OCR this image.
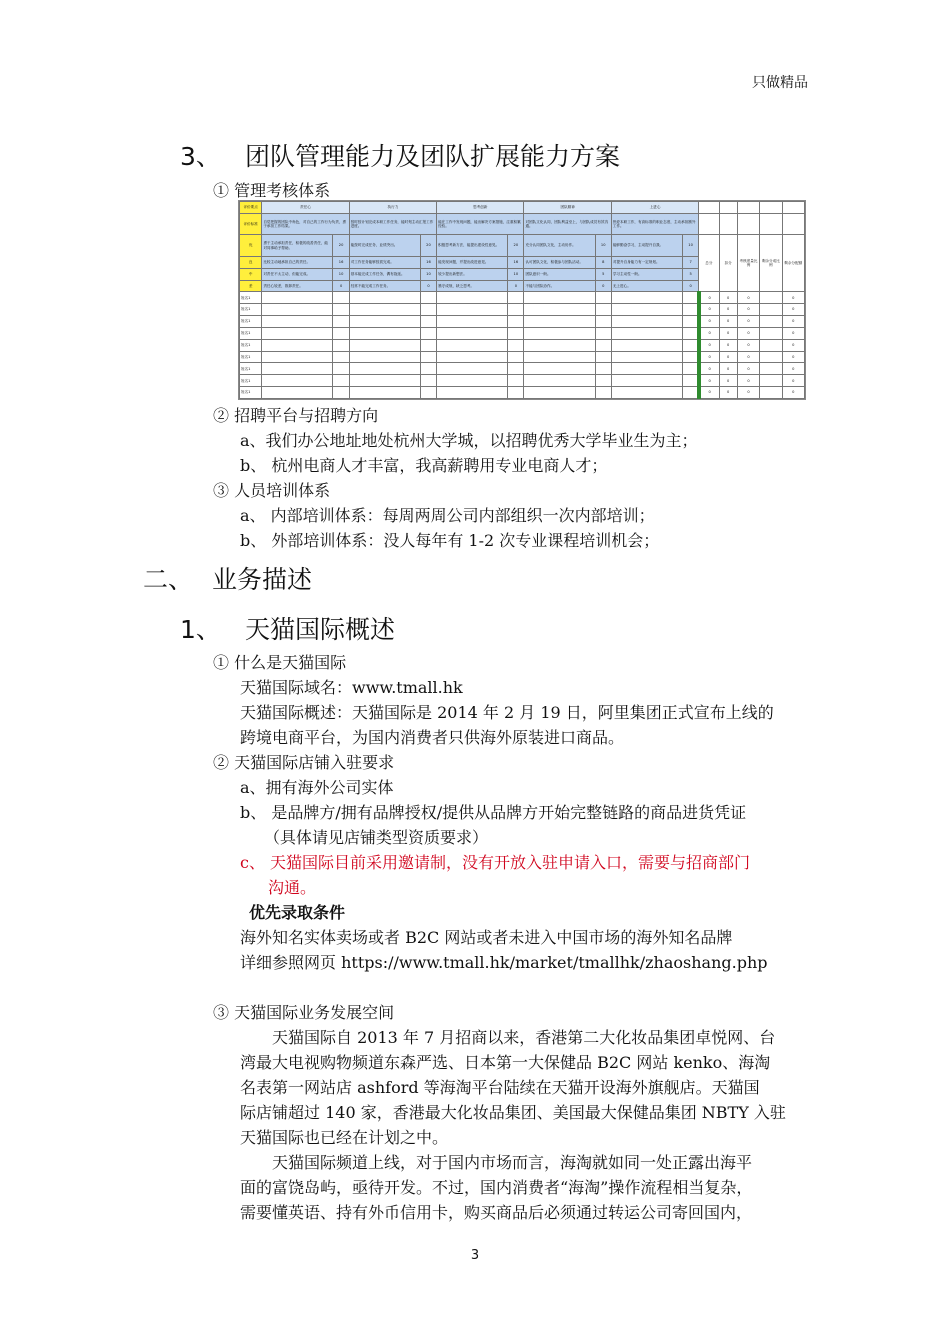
只做精品
3、 团队管理能力及团队扩展能力方案
① 管理考核体系
评价要点	责任心		执行力		思考创新		团队精神		上进心						
评价标准	自觉把握的团队中角色，对自己的工作行为负责，勇于承担工作结果。		按时按计划完成本职工作任务，能时刻主动汇报工作进度。		能在工作中发现问题，能出解决方案措施，注重积累经验。		对团队文化认同，团队利益至上，与团队成员有效沟通。		热爱本职工作，有高标准的职业态度，主动承担额外工作。						
优	勇于主动承担责任，积极的改善责任，能对同事给予帮助。	20	能按时完成任务，业绩突出。	20	积极思考新方法，能提出建设性意见。	20	充分认同团队文化，主动协作。	10	能够勤奋学习，主动提升自我。	10	总分	扣分	考核度量比例	剩余分成比例	剩余分配额
良	比较主动地承担自己的责任。	16	对工作任务能够按质完成。	16	能发现问题，并提出改进意见。	16	认可团队文化，积极参与团队活动。	8	对提升自身能力有一定规划。	7					
中	对责任不太主动，但能完成。	10	基本能完成工作任务，偶有拖延。	10	较少提出新想法。	10	团队意识一般。	5	学习主动性一般。	5					
差	责任心较差，推卸责任。	0	经常不能完成工作任务。	0	墨守成规，缺乏思考。	0	不能与团队协作。	0	无上进心。	0					
姓名1											0	0	0		0
姓名1											0	0	0		0
姓名1											0	0	0		0
姓名1											0	0	0		0
姓名1											0	0	0		0
姓名1											0	0	0		0
姓名1											0	0	0		0
姓名1											0	0	0		0
姓名1											0	0	0		0
② 招聘平台与招聘方向
a、我们办公地址地处杭州大学城，以招聘优秀大学毕业生为主；
b、 杭州电商人才丰富，我高薪聘用专业电商人才；
③ 人员培训体系
a、 内部培训体系：每周两周公司内部组织一次内部培训；
b、 外部培训体系：没人每年有 1-2 次专业课程培训机会；
二、 业务描述
1、 天猫国际概述
① 什么是天猫国际
天猫国际域名：www.tmall.hk
天猫国际概述：天猫国际是 2014 年 2 月 19 日，阿里集团正式宣布上线的
跨境电商平台，为国内消费者只供海外原装进口商品。
② 天猫国际店铺入驻要求
a、拥有海外公司实体
b、 是品牌方/拥有品牌授权/提供从品牌方开始完整链路的商品进货凭证
（具体请见店铺类型资质要求）
c、 天猫国际目前采用邀请制，没有开放入驻申请入口，需要与招商部门
沟通。
优先录取条件
海外知名实体卖场或者 B2C 网站或者未进入中国市场的海外知名品牌
详细参照网页 https://www.tmall.hk/market/tmallhk/zhaoshang.php
③ 天猫国际业务发展空间
天猫国际自 2013 年 7 月招商以来，香港第二大化妆品集团卓悦网、台
湾最大电视购物频道东森严选、日本第一大保健品 B2C 网站 kenko、海淘
名表第一网站店 ashford 等海淘平台陆续在天猫开设海外旗舰店。天猫国
际店铺超过 140 家，香港最大化妆品集团、美国最大保健品集团 NBTY 入驻
天猫国际也已经在计划之中。
天猫国际频道上线，对于国内市场而言，海淘就如同一处正露出海平
面的富饶岛屿，亟待开发。不过，国内消费者“海淘”操作流程相当复杂，
需要懂英语、持有外币信用卡，购买商品后必须通过转运公司寄回国内，
3
